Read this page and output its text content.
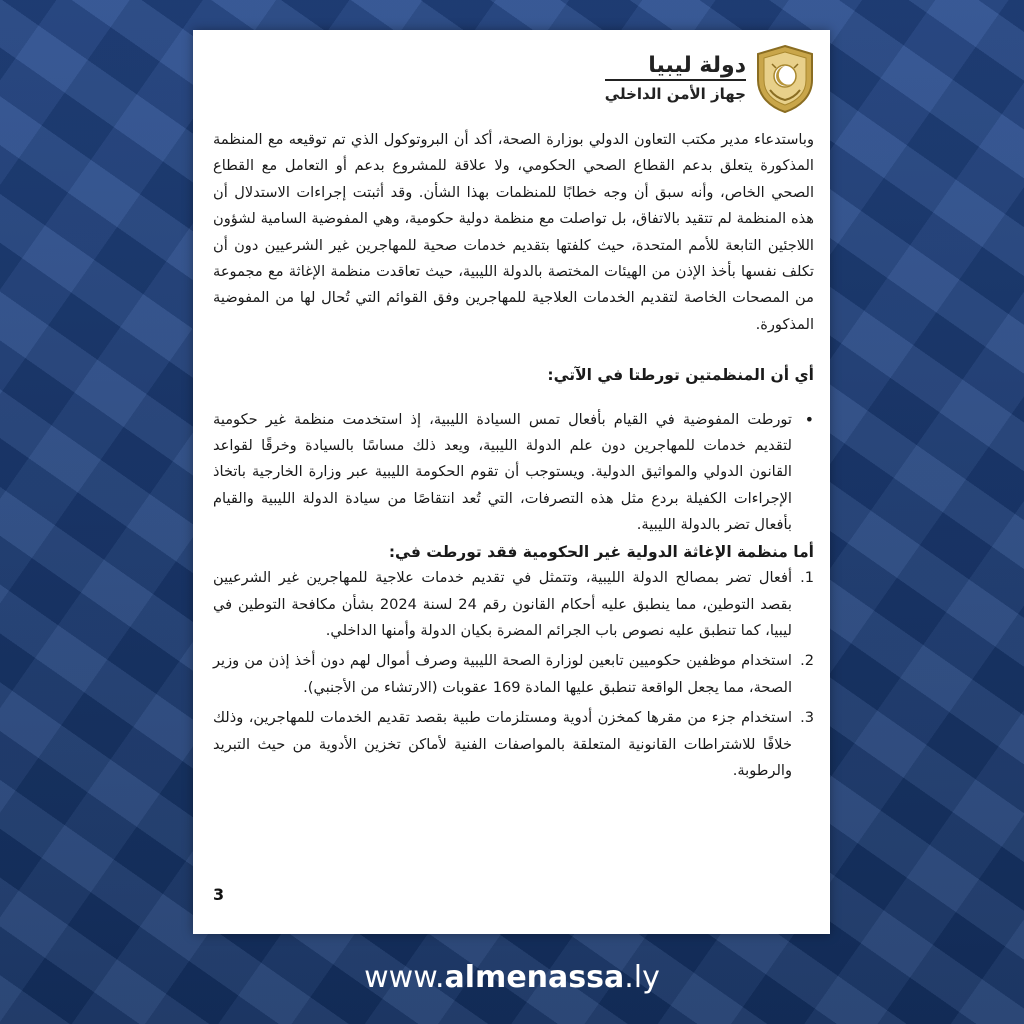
دولة ليبيا
جهاز الأمن الداخلي

وباستدعاء مدير مكتب التعاون الدولي بوزارة الصحة، أكد أن البروتوكول الذي تم توقيعه مع المنظمة المذكورة يتعلق بدعم القطاع الصحي الحكومي، ولا علاقة للمشروع بدعم أو التعامل مع القطاع الصحي الخاص، وأنه سبق أن وجه خطابًا للمنظمات بهذا الشأن. وقد أثبتت إجراءات الاستدلال أن هذه المنظمة لم تتقيد بالاتفاق، بل تواصلت مع منظمة دولية حكومية، وهي المفوضية السامية لشؤون اللاجئين التابعة للأمم المتحدة، حيث كلفتها بتقديم خدمات صحية للمهاجرين غير الشرعيين دون أن تكلف نفسها بأخذ الإذن من الهيئات المختصة بالدولة الليبية، حيث تعاقدت منظمة الإغاثة مع مجموعة من المصحات الخاصة لتقديم الخدمات العلاجية للمهاجرين وفق القوائم التي تُحال لها من المفوضية المذكورة.

أي أن المنظمتين تورطتا في الآتي:
•
تورطت المفوضية في القيام بأفعال تمس السيادة الليبية، إذ استخدمت منظمة غير حكومية لتقديم خدمات للمهاجرين دون علم الدولة الليبية، ويعد ذلك مساسًا بالسيادة وخرقًا لقواعد القانون الدولي والمواثيق الدولية. ويستوجب أن تقوم الحكومة الليبية عبر وزارة الخارجية باتخاذ الإجراءات الكفيلة بردع مثل هذه التصرفات، التي تُعد انتقاصًا من سيادة الدولة الليبية والقيام بأفعال تضر بالدولة الليبية.
أما منظمة الإغاثة الدولية غير الحكومية فقد تورطت في:
1.
أفعال تضر بمصالح الدولة الليبية، وتتمثل في تقديم خدمات علاجية للمهاجرين غير الشرعيين بقصد التوطين، مما ينطبق عليه أحكام القانون رقم 24 لسنة 2024 بشأن مكافحة التوطين في ليبيا، كما تنطبق عليه نصوص باب الجرائم المضرة بكيان الدولة وأمنها الداخلي.
2.
استخدام موظفين حكوميين تابعين لوزارة الصحة الليبية وصرف أموال لهم دون أخذ إذن من وزير الصحة، مما يجعل الواقعة تنطبق عليها المادة 169 عقوبات (الارتشاء من الأجنبي).
3.
استخدام جزء من مقرها كمخزن أدوية ومستلزمات طبية بقصد تقديم الخدمات للمهاجرين، وذلك خلافًا للاشتراطات القانونية المتعلقة بالمواصفات الفنية لأماكن تخزين الأدوية من حيث التبريد والرطوبة.
3
www.almenassa.ly
